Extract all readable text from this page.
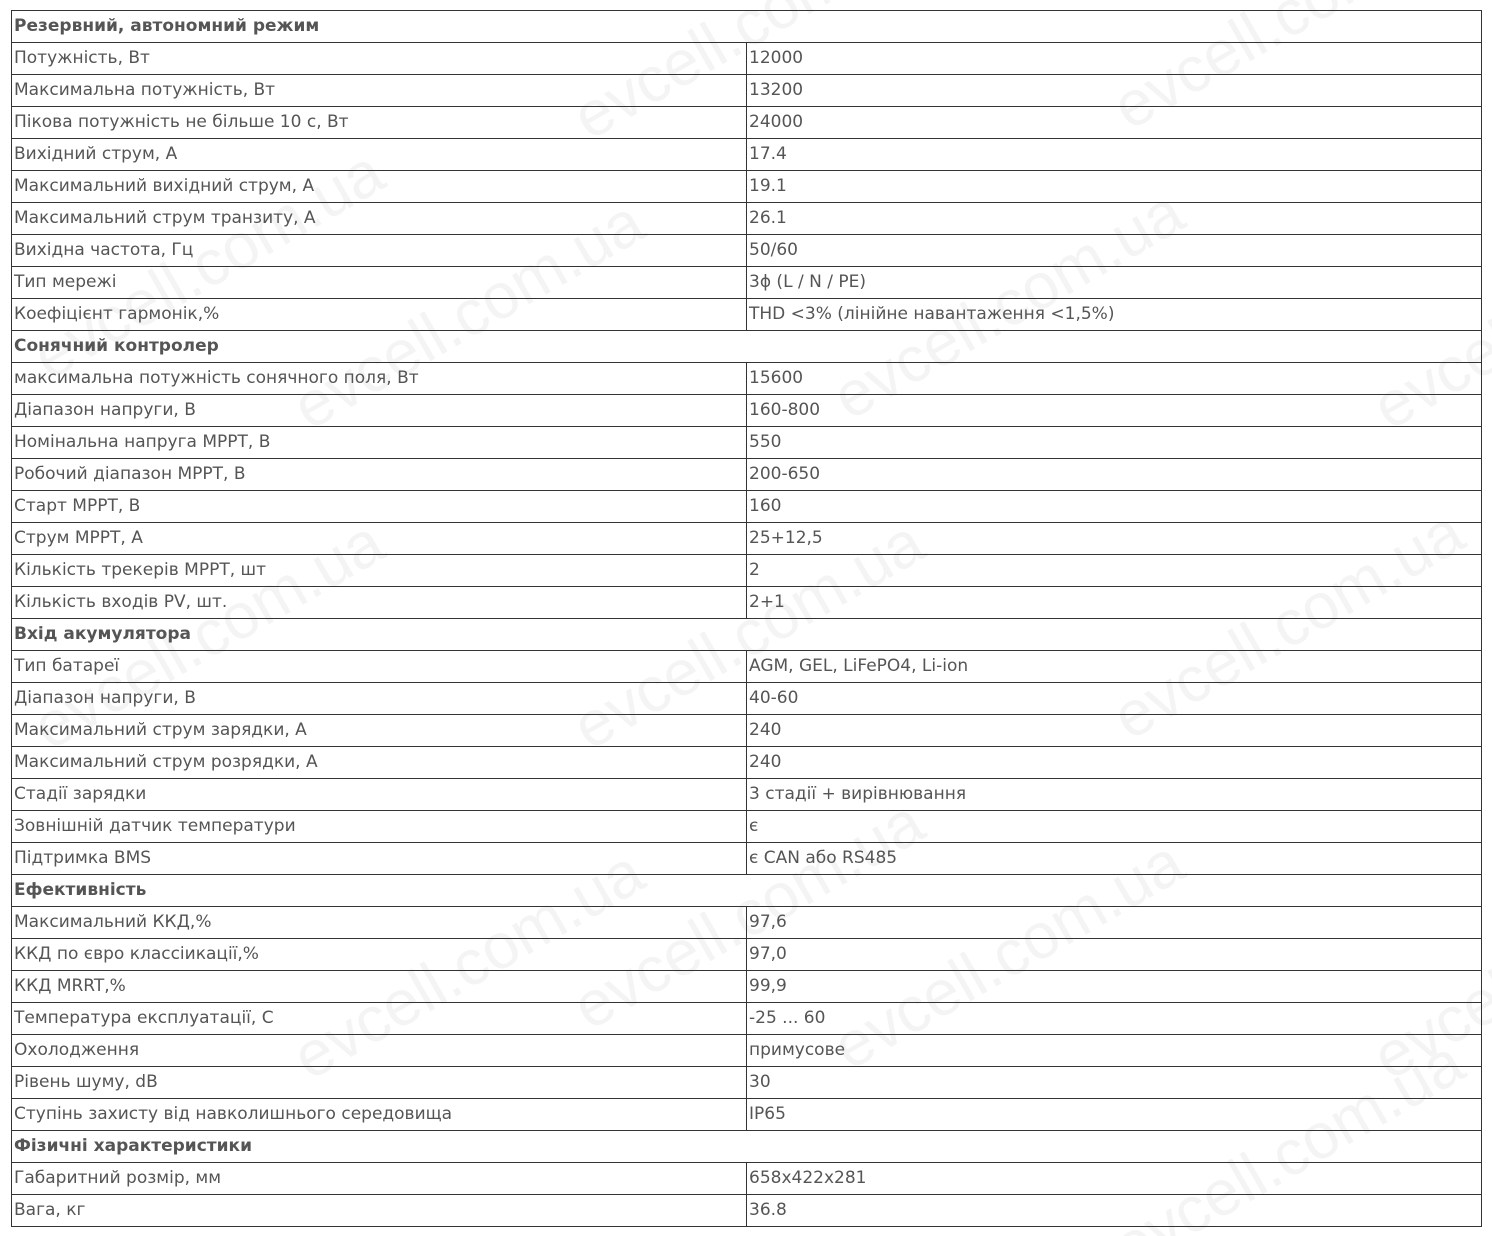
Резервний, автономний режим	
Потужність, Вт	12000
Максимальна потужність, Вт	13200
Пікова потужність не більше 10 с, Вт	24000
Вихідний струм, А	17.4
Максимальний вихідний струм, А	19.1
Максимальний струм транзиту, А	26.1
Вихідна частота, Гц	50/60
Тип мережі	3ϕ (L / N / PE)
Коефіцієнт гармонік,%	THD <3% (лінійне навантаження <1,5%)
Сонячний контролер	
максимальна потужність сонячного поля, Вт	15600
Діапазон напруги, В	160-800
Номінальна напруга MPPT, В	550
Робочий діапазон MPPT, В	200-650
Старт MPPT, В	160
Струм MPPT, А	25+12,5
Кількість трекерів MPPT, шт	2
Кількість входів PV, шт.	2+1
Вхід акумулятора	
Тип батареї	AGM, GEL, LiFePO4, Li-ion
Діапазон напруги, В	40-60
Максимальний струм зарядки, А	240
Максимальний струм розрядки, А	240
Стадії зарядки	3 стадії + вирівнювання
Зовнішній датчик температури	є
Підтримка BMS	є CAN або RS485
Ефективність	
Максимальний ККД,%	97,6
ККД по євро классіикації,%	97,0
ККД MRRT,%	99,9
Температура експлуатації, С	-25 ... 60
Охолодження	примусове
Рівень шуму, dB	30
Ступінь захисту від навколишнього середовища	IP65
Фізичні характеристики	
Габаритний розмір, мм	658x422x281
Вага, кг	36.8
